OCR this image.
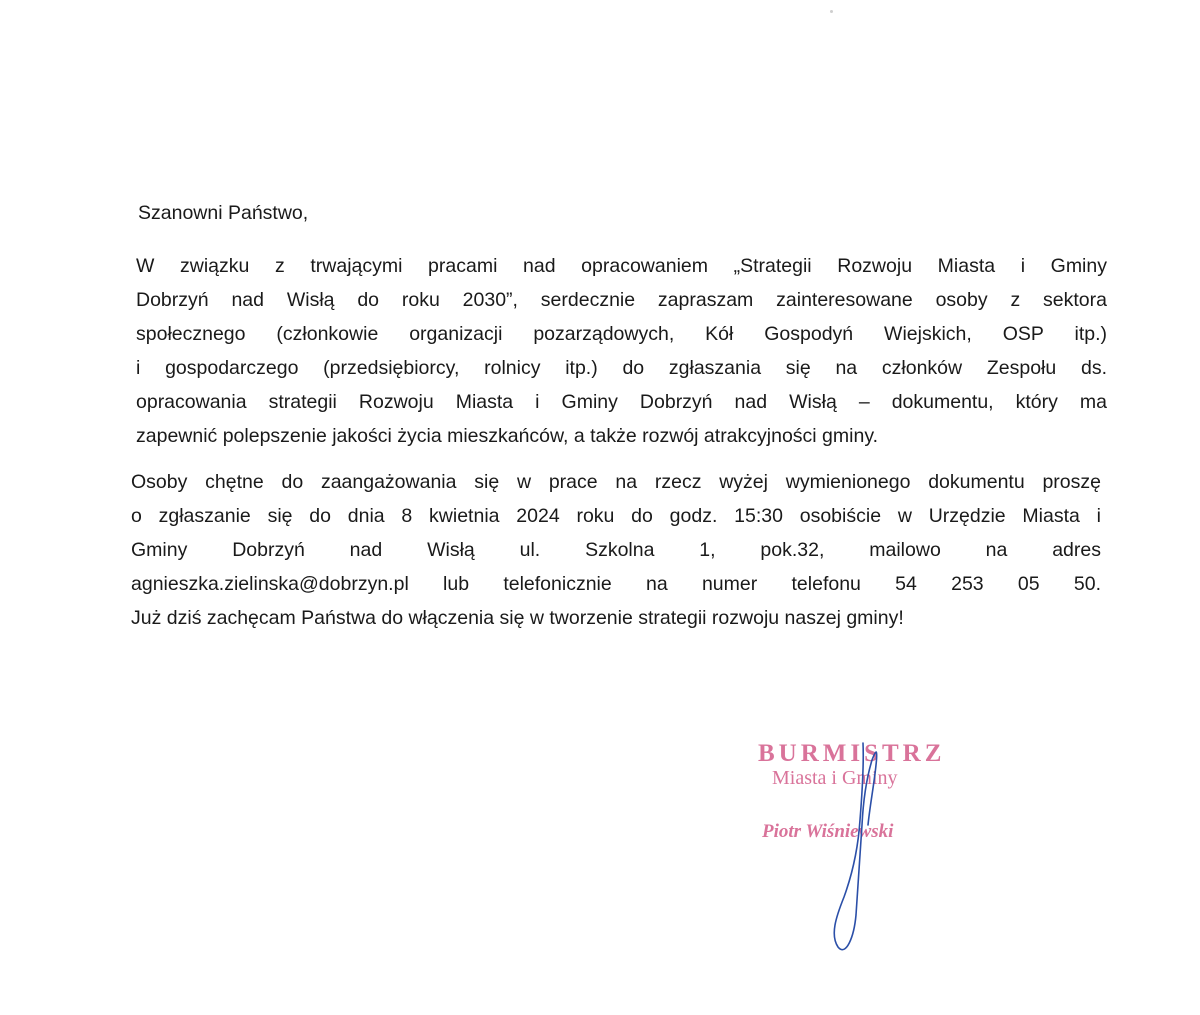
Szanowni Państwo,
W związku z trwającymi pracami nad opracowaniem „Strategii Rozwoju Miasta i Gminy
Dobrzyń nad Wisłą do roku 2030”, serdecznie zapraszam zainteresowane osoby z sektora
społecznego (członkowie organizacji pozarządowych, Kół Gospodyń Wiejskich, OSP itp.)
i gospodarczego (przedsiębiorcy, rolnicy itp.) do zgłaszania się na członków Zespołu ds.
opracowania strategii Rozwoju Miasta i Gminy Dobrzyń nad Wisłą – dokumentu, który ma
zapewnić polepszenie jakości życia mieszkańców, a także rozwój atrakcyjności gminy.
Osoby chętne do zaangażowania się w prace na rzecz wyżej wymienionego dokumentu proszę
o zgłaszanie się do dnia 8 kwietnia 2024 roku do godz. 15:30 osobiście w Urzędzie Miasta i
Gminy Dobrzyń nad Wisłą ul. Szkolna 1, pok.32, mailowo na adres
agnieszka.zielinska@dobrzyn.pl lub telefonicznie na numer telefonu 54 253 05 50.
Już dziś zachęcam Państwa do włączenia się w tworzenie strategii rozwoju naszej gminy!
BURMISTRZ
Miasta i Gminy
Piotr Wiśniewski
